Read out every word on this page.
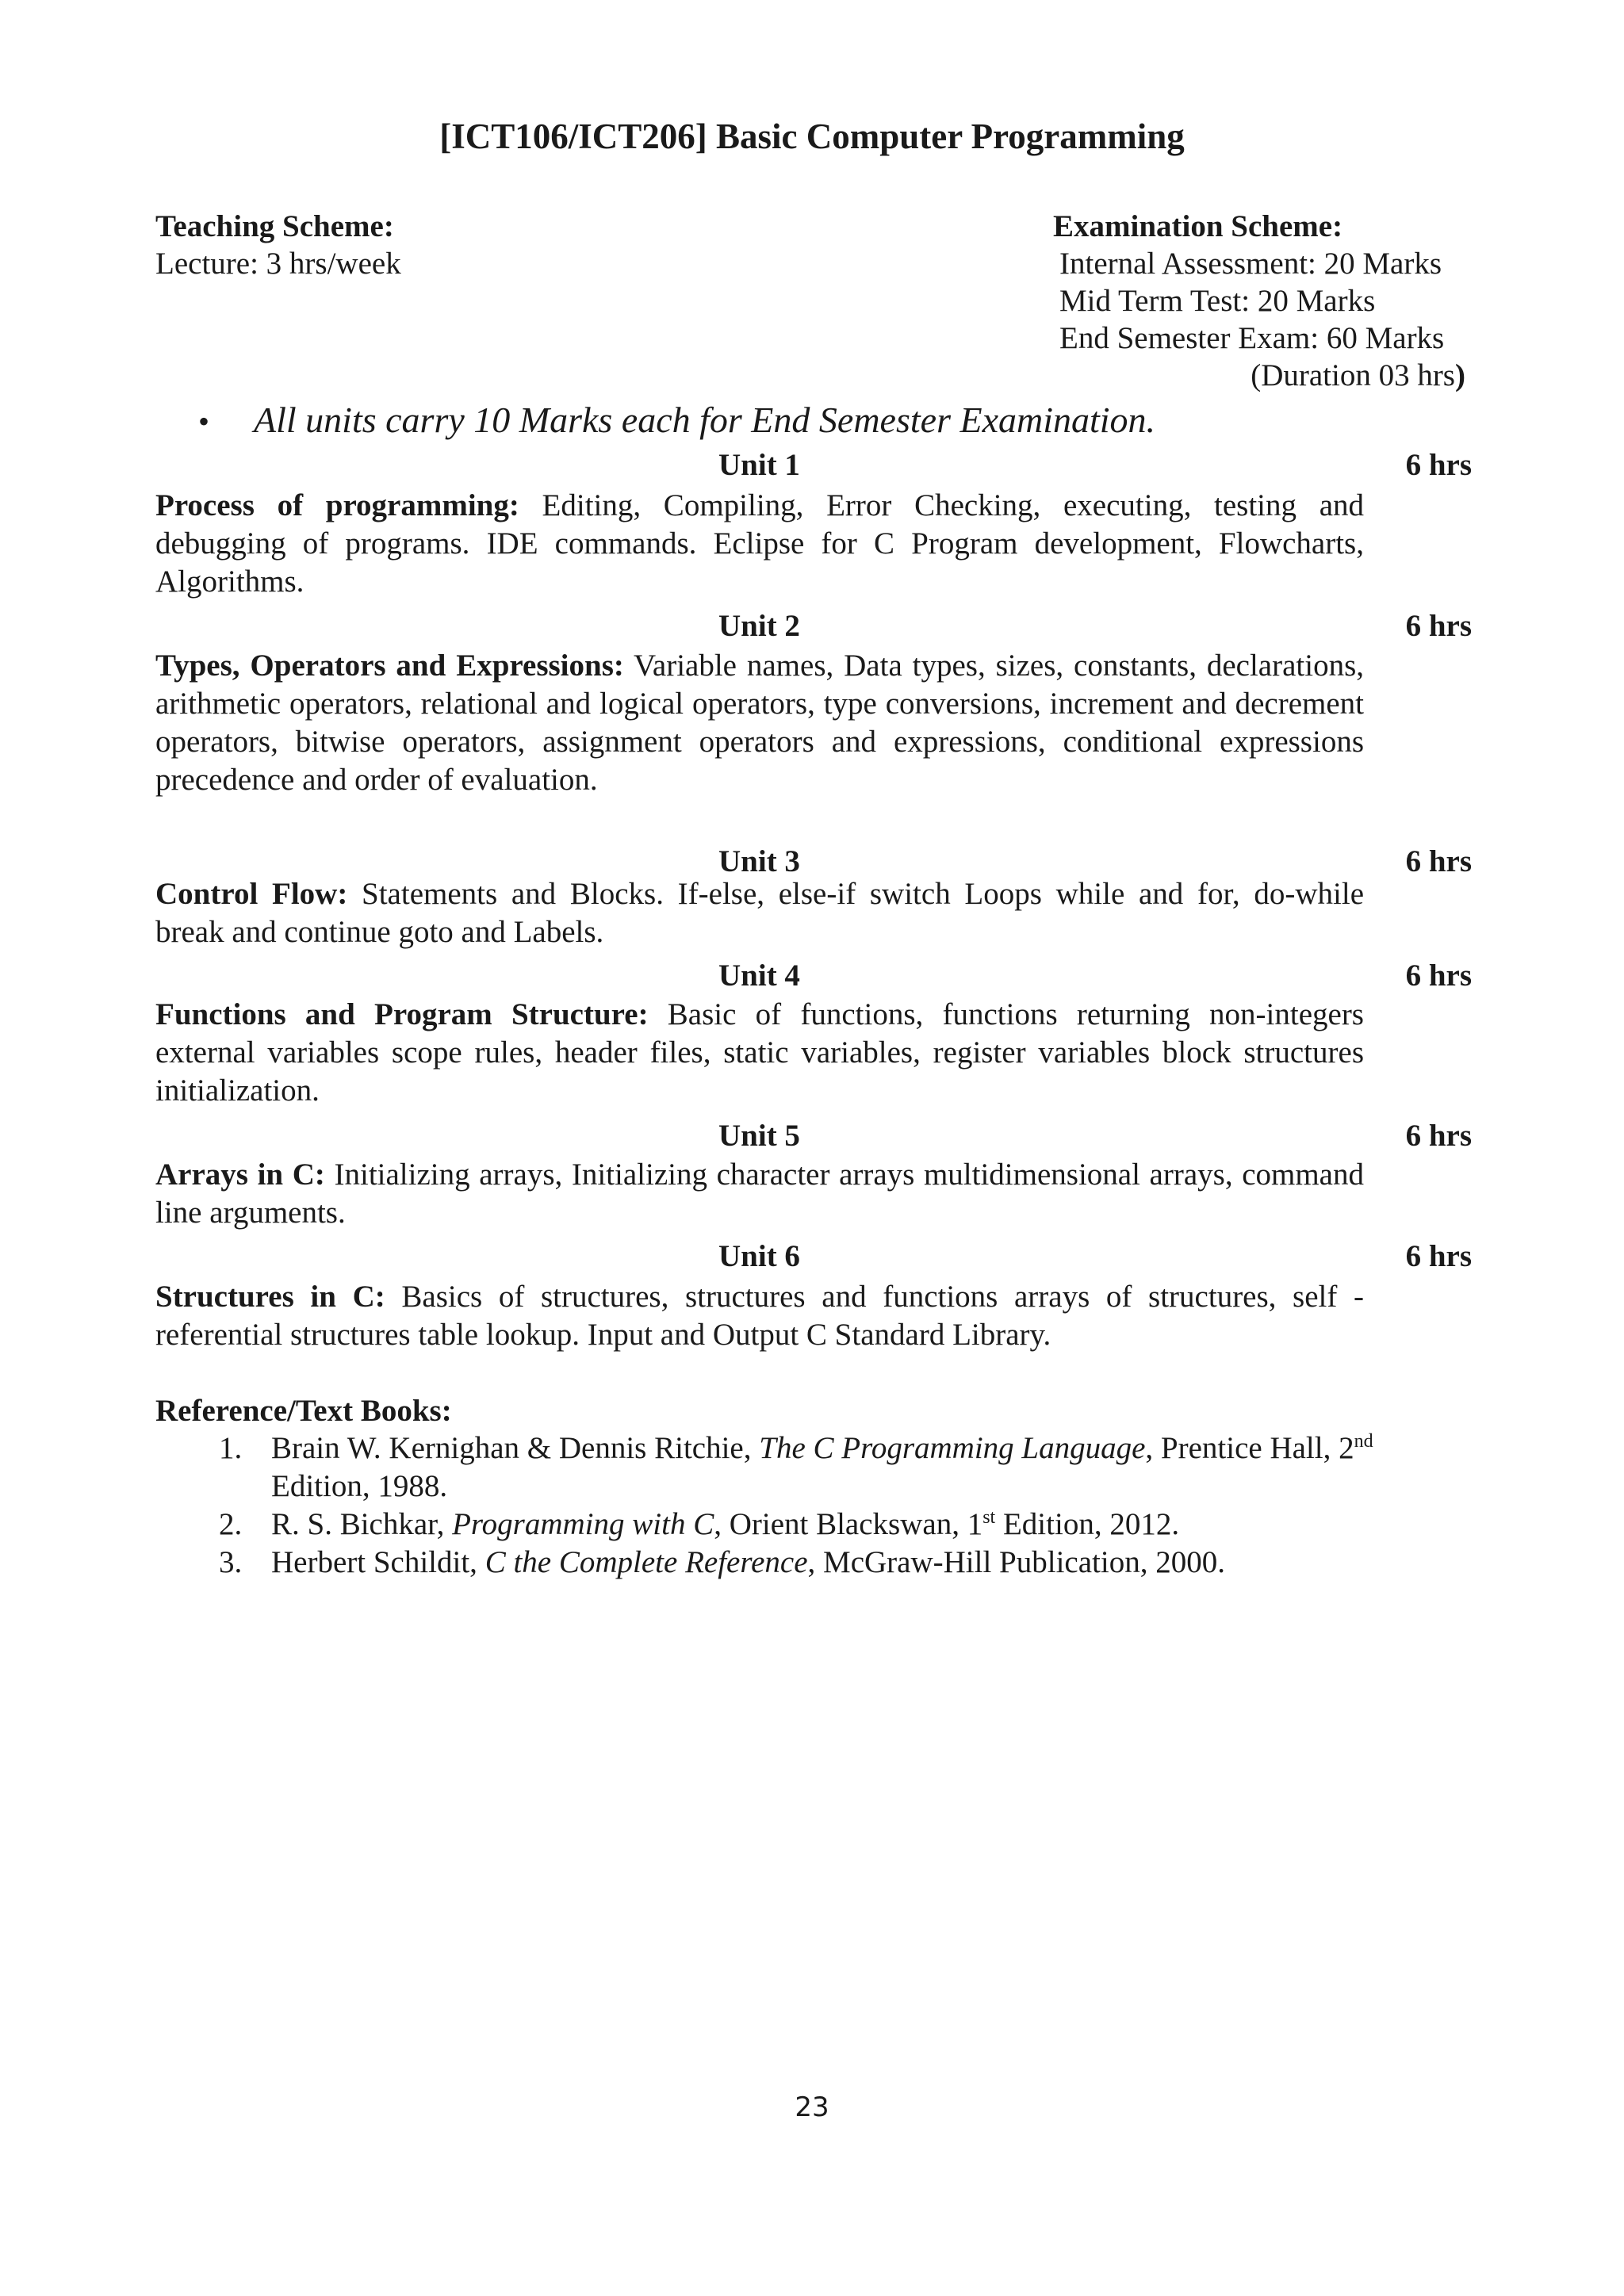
[ICT106/ICT206] Basic Computer Programming
Teaching Scheme:
Lecture: 3 hrs/week
Examination Scheme:
Internal Assessment: 20 Marks
Mid Term Test: 20 Marks
End Semester Exam: 60 Marks
(Duration 03 hrs)
• All units carry 10 Marks each for End Semester Examination.
Unit 1	6 hrs
Process of programming: Editing, Compiling, Error Checking, executing, testing and debugging of programs. IDE commands. Eclipse for C Program development, Flowcharts, Algorithms.
Unit 2	6 hrs
Types, Operators and Expressions: Variable names, Data types, sizes, constants, declarations, arithmetic operators, relational and logical operators, type conversions, increment and decrement operators, bitwise operators, assignment operators and expressions, conditional expressions precedence and order of evaluation.
Unit 3	6 hrs
Control Flow: Statements and Blocks. If-else, else-if switch Loops while and for, do-while break and continue goto and Labels.
Unit 4	6 hrs
Functions and Program Structure: Basic of functions, functions returning non-integers external variables scope rules, header files, static variables, register variables block structures initialization.
Unit 5	6 hrs
Arrays in C: Initializing arrays, Initializing character arrays multidimensional arrays, command line arguments.
Unit 6	6 hrs
Structures in C: Basics of structures, structures and functions arrays of structures, self - referential structures table lookup. Input and Output C Standard Library.
Reference/Text Books:
1. Brain W. Kernighan & Dennis Ritchie, The C Programming Language, Prentice Hall, 2nd
Edition, 1988.
2. R. S. Bichkar, Programming with C, Orient Blackswan, 1st Edition, 2012.
3. Herbert Schildit, C the Complete Reference, McGraw-Hill Publication, 2000.
23
